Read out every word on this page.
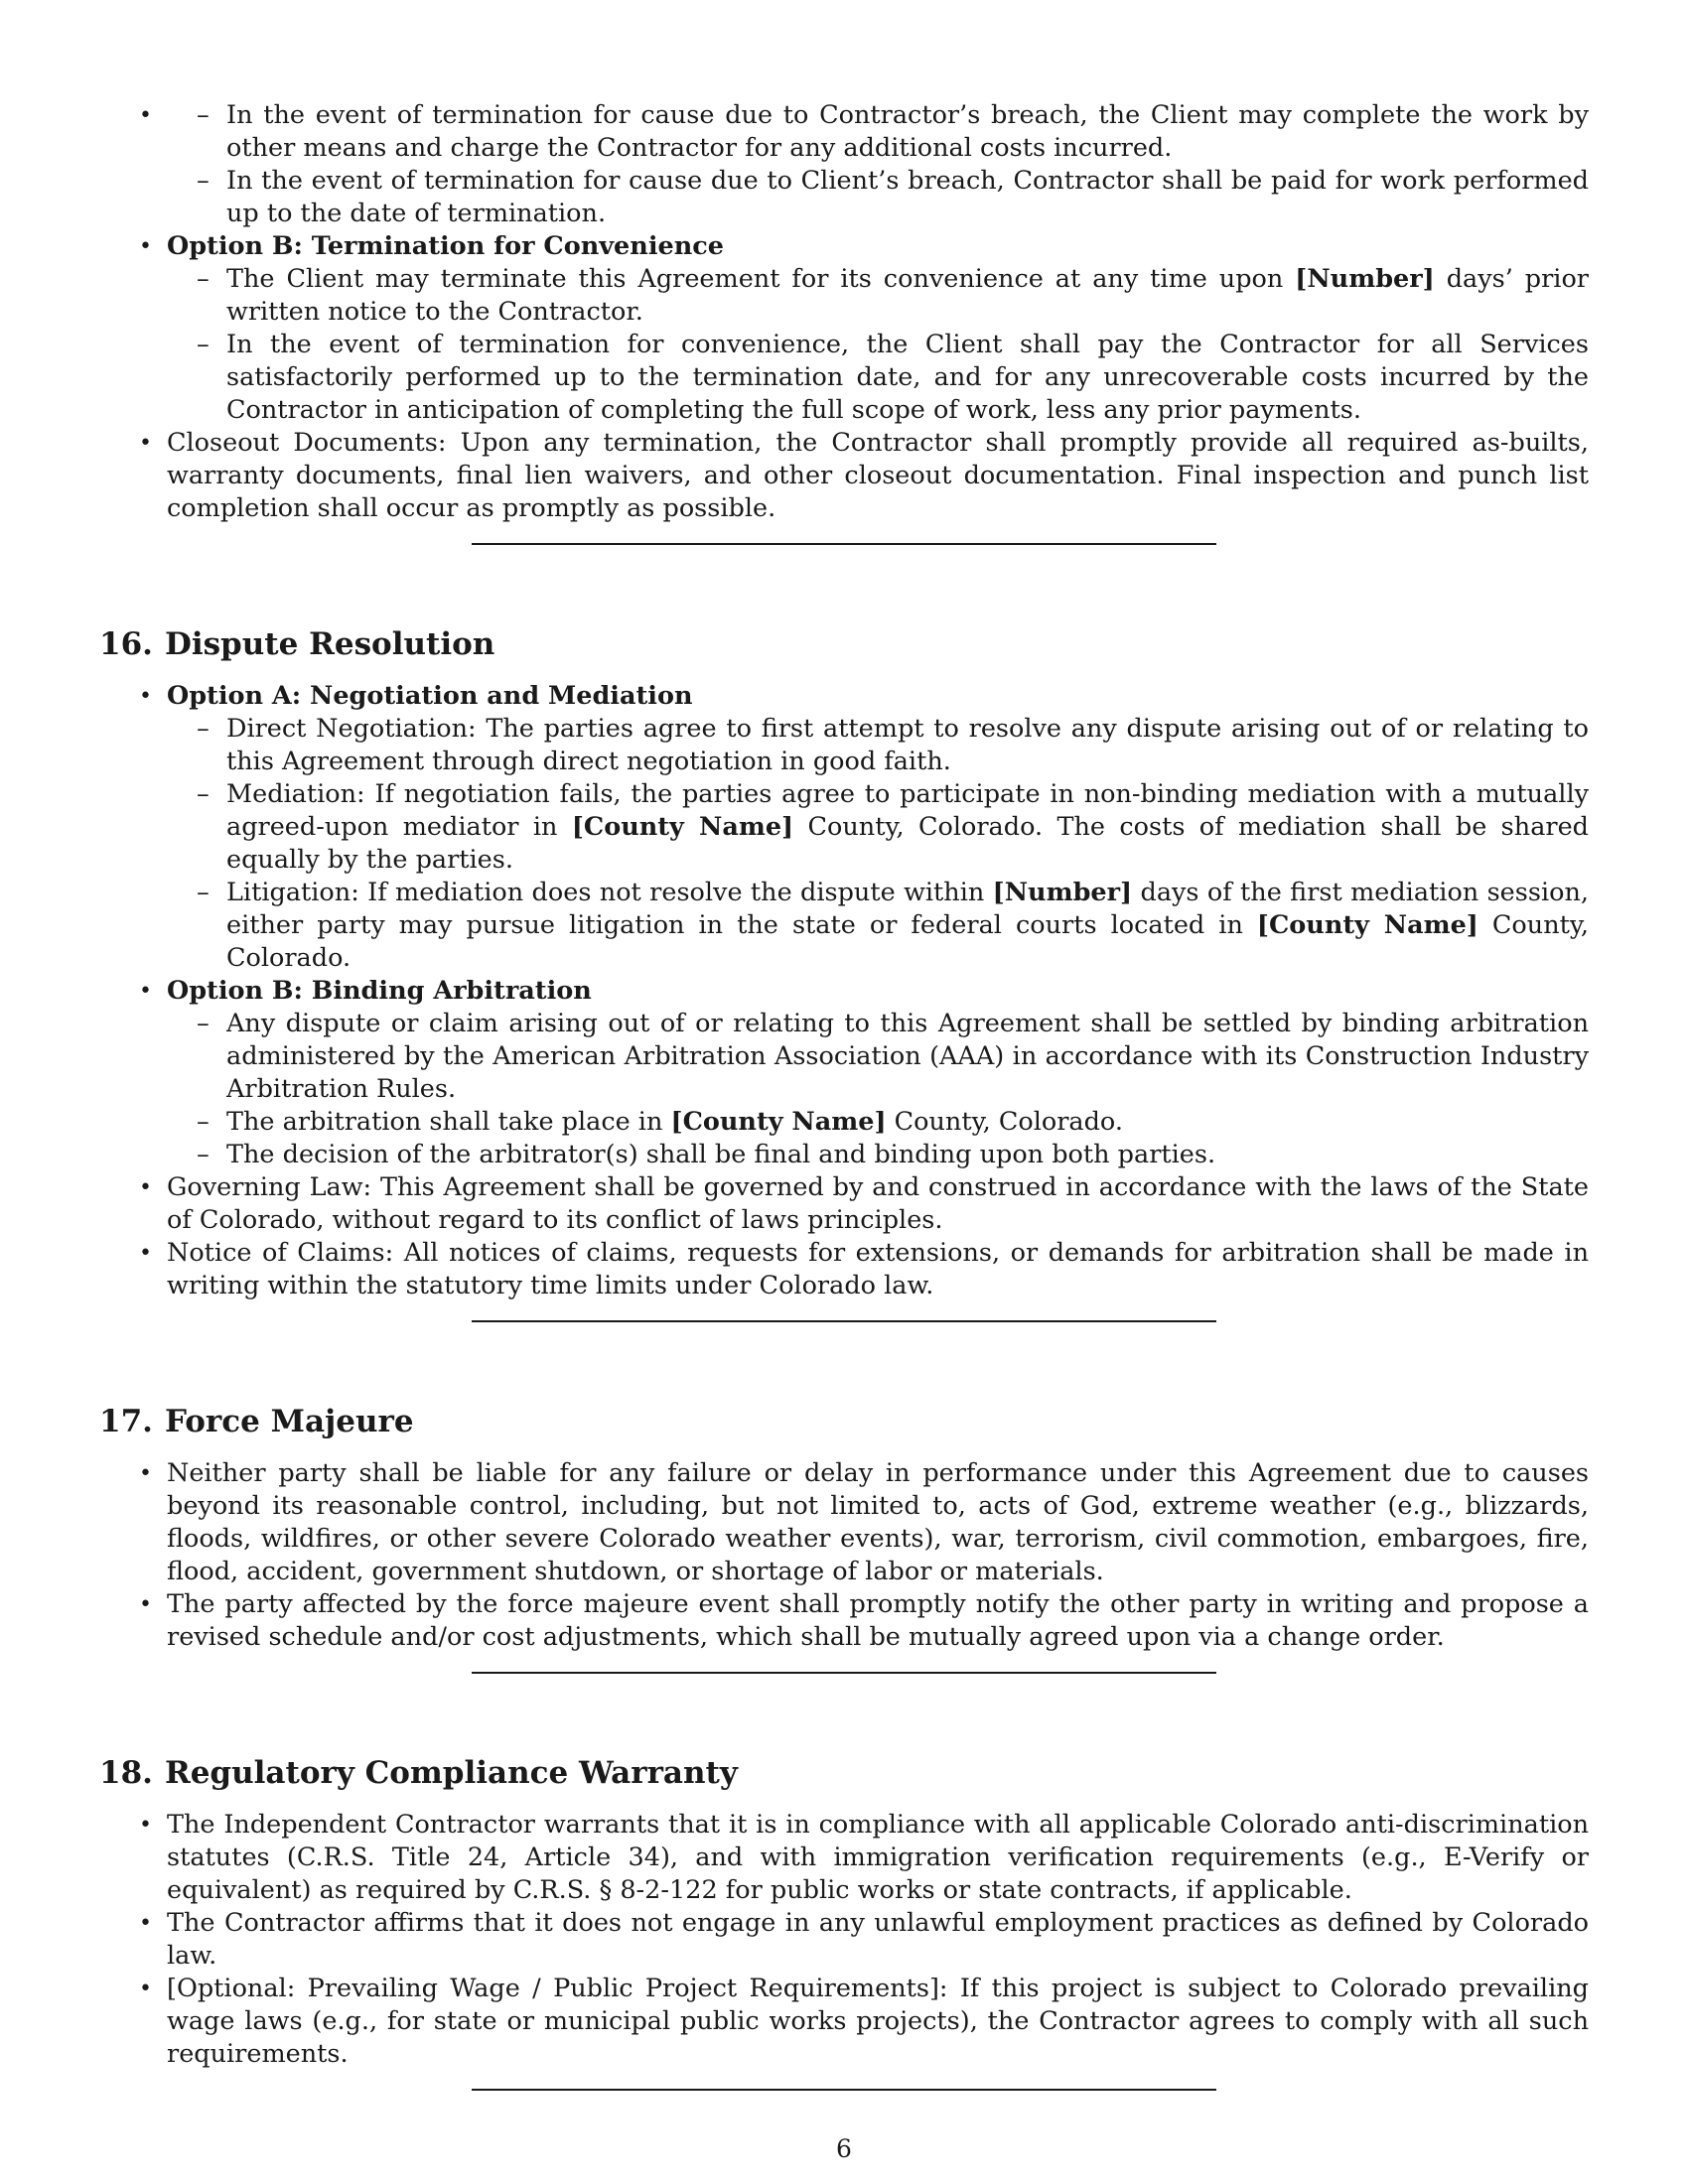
– • In the event of termination for cause due to Contractor’s breach, the Client may complete the work by other means and charge the Contractor for any additional costs incurred.
– In the event of termination for cause due to Client’s breach, Contractor shall be paid for work performed up to the date of termination.
• Option B: Termination for Convenience
– The Client may terminate this Agreement for its convenience at any time upon [Number] days’ prior written notice to the Contractor.
– In the event of termination for convenience, the Client shall pay the Contractor for all Services satisfactorily performed up to the termination date, and for any unrecoverable costs incurred by the Contractor in anticipation of completing the full scope of work, less any prior payments.
• Closeout Documents: Upon any termination, the Contractor shall promptly provide all required as-builts, warranty documents, final lien waivers, and other closeout documentation. Final inspection and punch list completion shall occur as promptly as possible.
16. Dispute Resolution
• Option A: Negotiation and Mediation
– Direct Negotiation: The parties agree to first attempt to resolve any dispute arising out of or relating to this Agreement through direct negotiation in good faith.
– Mediation: If negotiation fails, the parties agree to participate in non-binding mediation with a mutually agreed-upon mediator in [County Name] County, Colorado. The costs of mediation shall be shared equally by the parties.
– Litigation: If mediation does not resolve the dispute within [Number] days of the first mediation session, either party may pursue litigation in the state or federal courts located in [County Name] County, Colorado.
• Option B: Binding Arbitration
– Any dispute or claim arising out of or relating to this Agreement shall be settled by binding arbitration administered by the American Arbitration Association (AAA) in accordance with its Construction Industry Arbitration Rules.
– The arbitration shall take place in [County Name] County, Colorado.
– The decision of the arbitrator(s) shall be final and binding upon both parties.
• Governing Law: This Agreement shall be governed by and construed in accordance with the laws of the State of Colorado, without regard to its conflict of laws principles.
• Notice of Claims: All notices of claims, requests for extensions, or demands for arbitration shall be made in writing within the statutory time limits under Colorado law.
17. Force Majeure
• Neither party shall be liable for any failure or delay in performance under this Agreement due to causes beyond its reasonable control, including, but not limited to, acts of God, extreme weather (e.g., blizzards, floods, wildfires, or other severe Colorado weather events), war, terrorism, civil commotion, embargoes, fire, flood, accident, government shutdown, or shortage of labor or materials.
• The party affected by the force majeure event shall promptly notify the other party in writing and propose a revised schedule and/or cost adjustments, which shall be mutually agreed upon via a change order.
18. Regulatory Compliance Warranty
• The Independent Contractor warrants that it is in compliance with all applicable Colorado anti-discrimination statutes (C.R.S. Title 24, Article 34), and with immigration verification requirements (e.g., E-Verify or equivalent) as required by C.R.S. § 8-2-122 for public works or state contracts, if applicable.
• The Contractor affirms that it does not engage in any unlawful employment practices as defined by Colorado law.
• [Optional: Prevailing Wage / Public Project Requirements]: If this project is subject to Colorado prevailing wage laws (e.g., for state or municipal public works projects), the Contractor agrees to comply with all such requirements.
6
